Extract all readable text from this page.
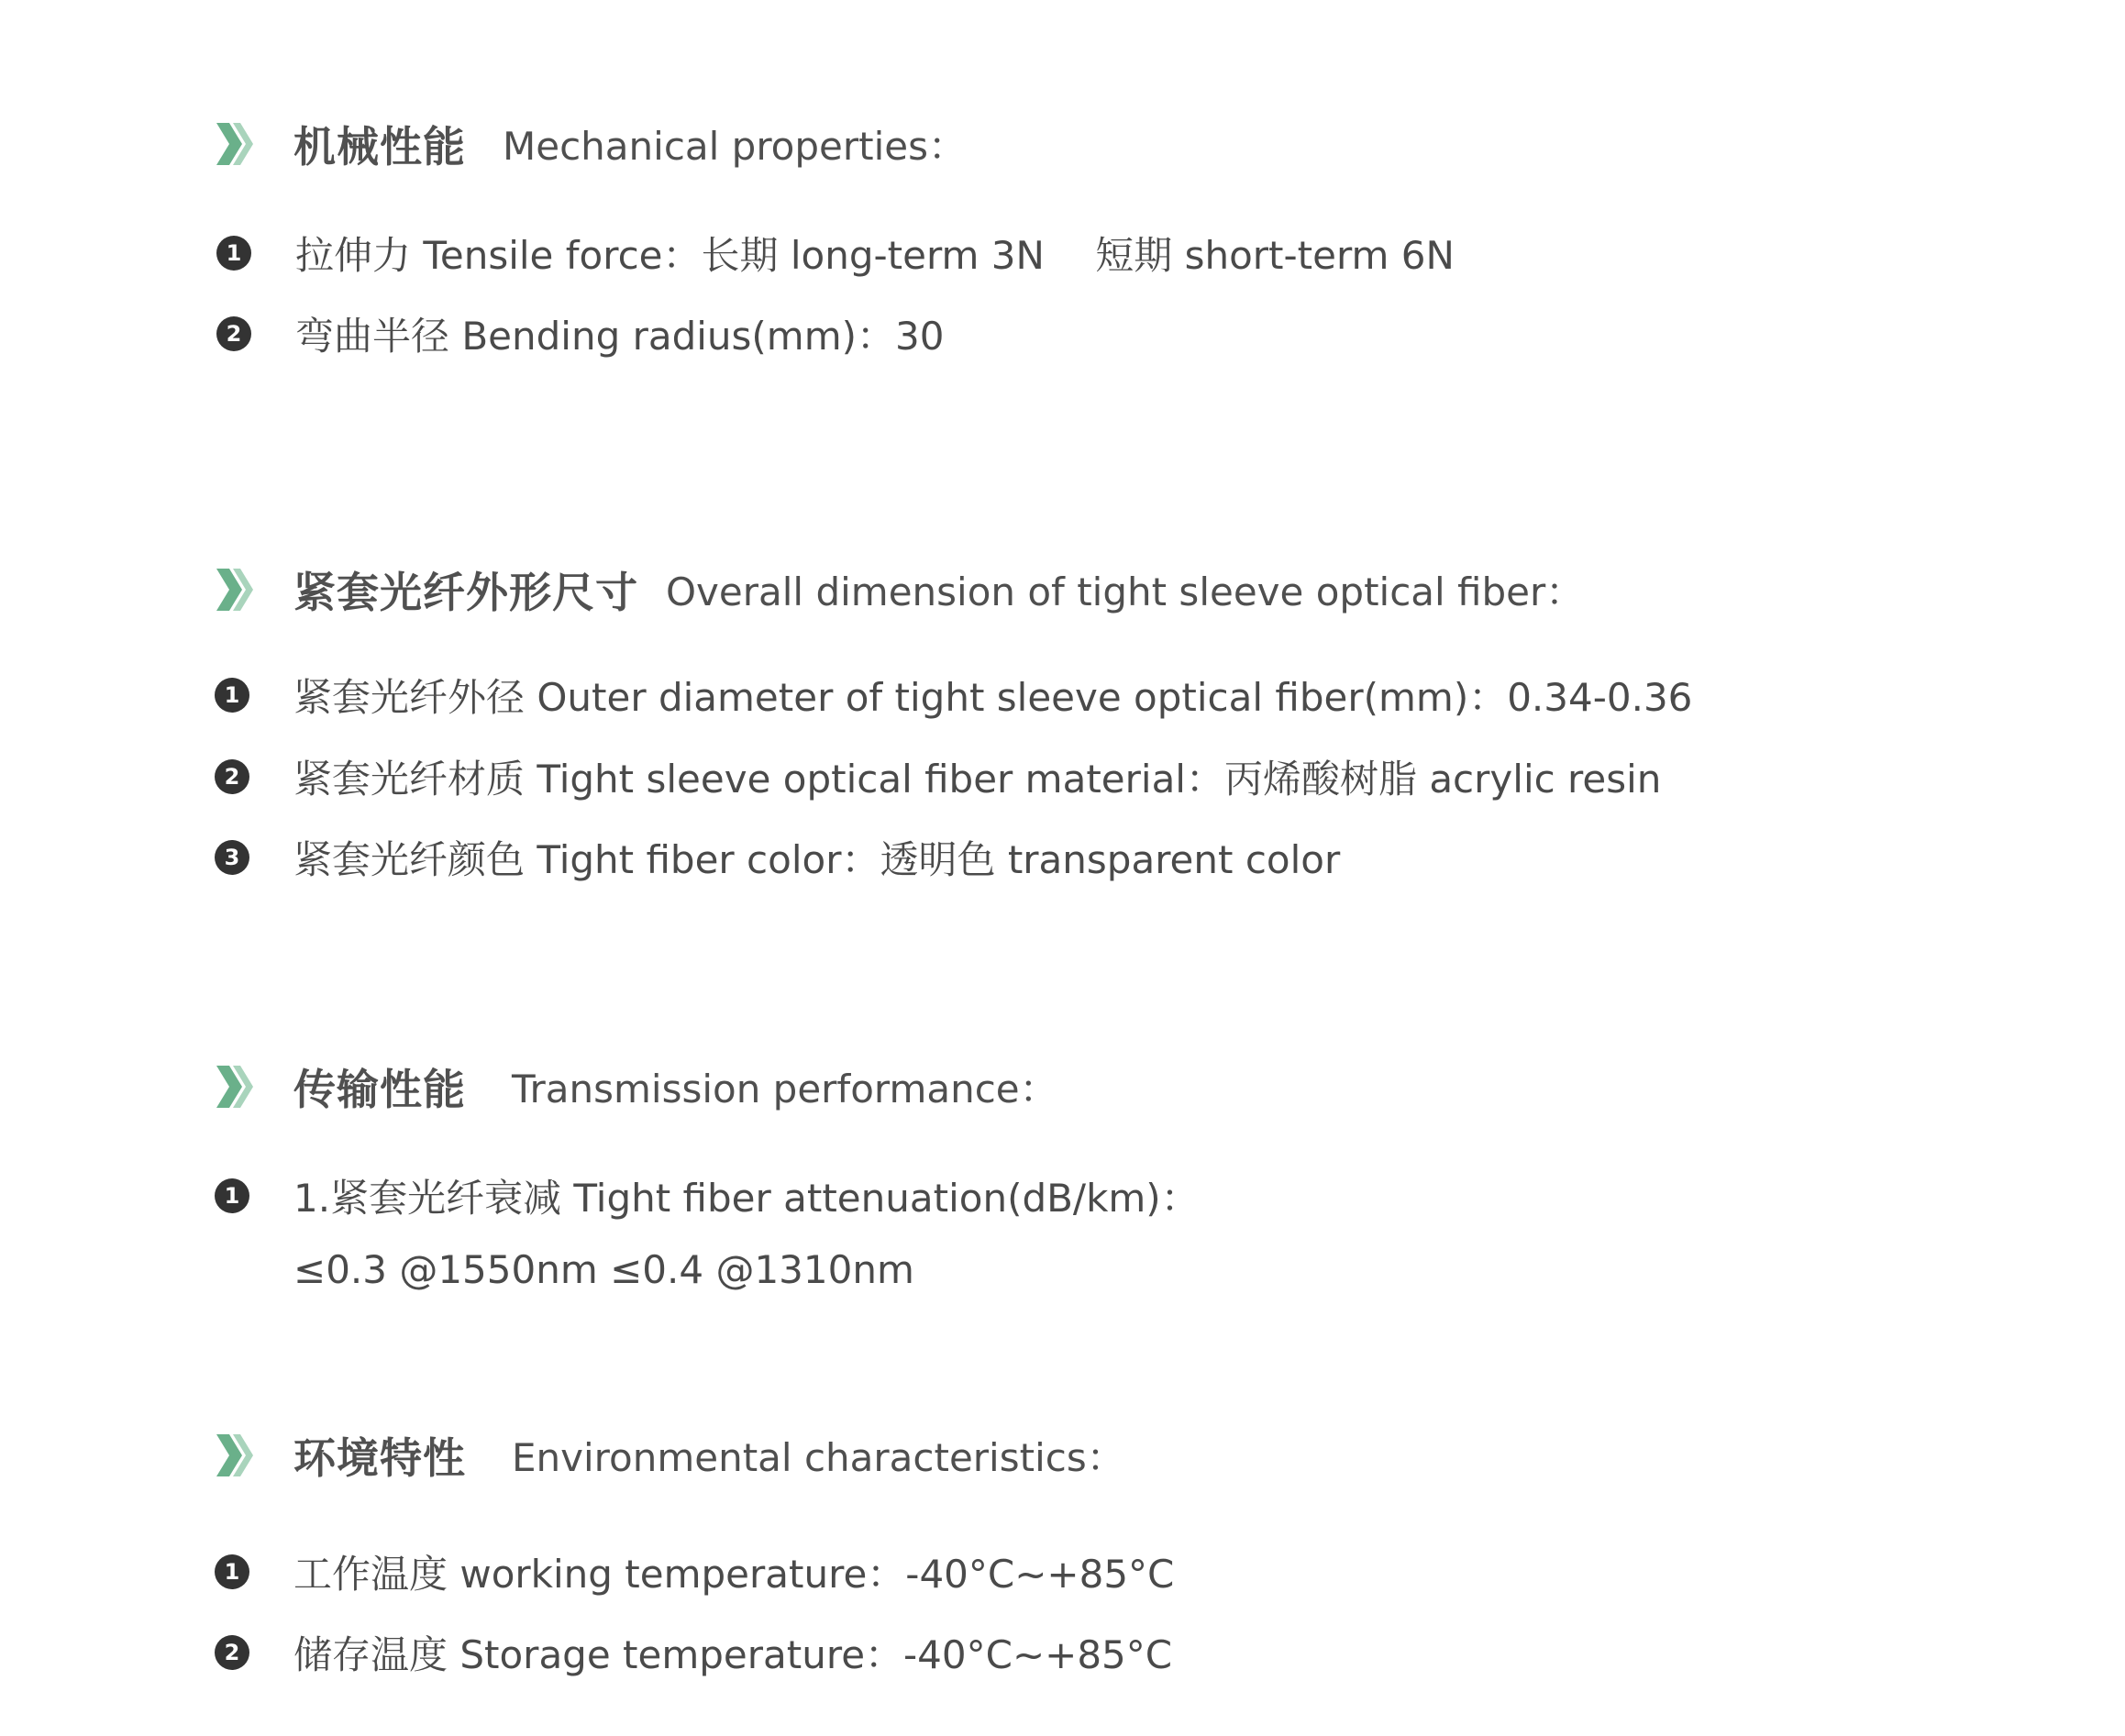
机械性能 Mechanical properties：
1 拉伸力 Tensile force：长期 long-term 3N　 短期 short-term 6N
2 弯曲半径 Bending radius(mm)：30
紧套光纤外形尺寸 Overall dimension of tight sleeve optical fiber：
1 紧套光纤外径 Outer diameter of tight sleeve optical fiber(mm)：0.34-0.36
2 紧套光纤材质 Tight sleeve optical fiber material：丙烯酸树脂 acrylic resin
3 紧套光纤颜色 Tight fiber color：透明色 transparent color
传输性能 Transmission performance：
1 1.紧套光纤衰减 Tight fiber attenuation(dB/km)：
≤0.3 @1550nm ≤0.4 @1310nm
环境特性 Environmental characteristics：
1 工作温度 working temperature：-40°C~+85°C
2 储存温度 Storage temperature：-40°C~+85°C
